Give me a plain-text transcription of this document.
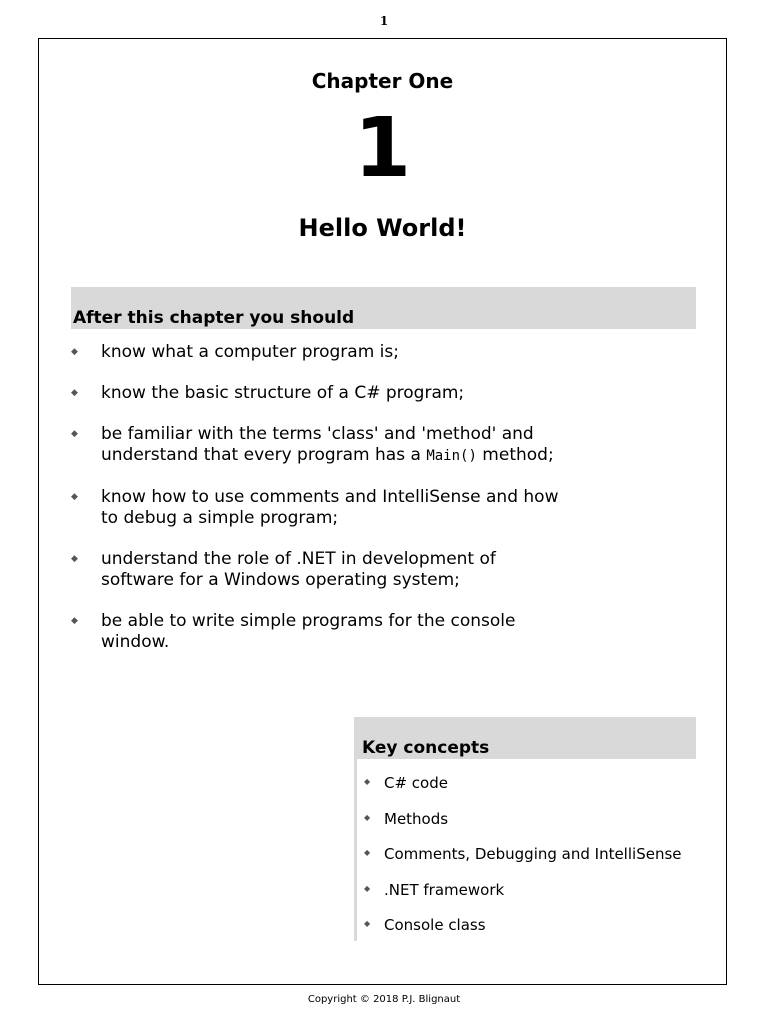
1
Chapter One
1
Hello World!
After this chapter you should
◆ know what a computer program is;
◆ know the basic structure of a C# program;
◆ be familiar with the terms 'class' and 'method' and
understand that every program has a Main() method;
◆ know how to use comments and IntelliSense and how
to debug a simple program;
◆ understand the role of .NET in development of
software for a Windows operating system;
◆ be able to write simple programs for the console
window.
Key concepts
◆ C# code
◆ Methods
◆ Comments, Debugging and IntelliSense
◆ .NET framework
◆ Console class
Copyright © 2018 P.J. Blignaut
